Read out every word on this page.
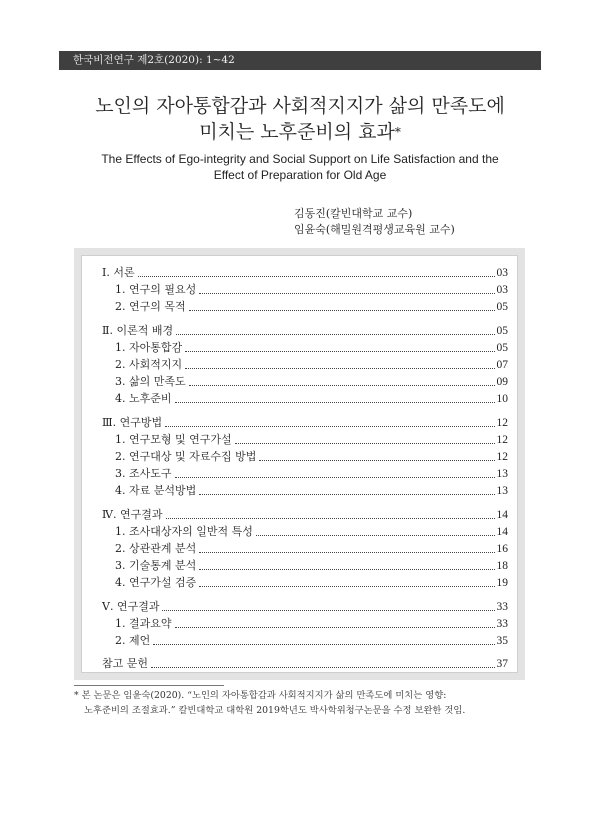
한국비전연구 제2호(2020): 1~42
노인의 자아통합감과 사회적지지가 삶의 만족도에
미치는 노후준비의 효과*
The Effects of Ego-integrity and Social Support on Life Satisfaction and the
Effect of Preparation for Old Age
김동진(칼빈대학교 교수)
임윤숙(해밀원격평생교육원 교수)
Ⅰ. 서론	03
1. 연구의 필요성	03
2. 연구의 목적	05
Ⅱ. 이론적 배경	05
1. 자아통합감	05
2. 사회적지지	07
3. 삶의 만족도	09
4. 노후준비	10
Ⅲ. 연구방법	12
1. 연구모형 및 연구가설	12
2. 연구대상 및 자료수집 방법	12
3. 조사도구	13
4. 자료 분석방법	13
Ⅳ. 연구결과	14
1. 조사대상자의 일반적 특성	14
2. 상관관계 분석	16
3. 기술통계 분석	18
4. 연구가설 검증	19
Ⅴ. 연구결과	33
1. 결과요약	33
2. 제언	35
참고 문헌	37
* 본 논문은 임윤숙(2020). “노인의 자아통합감과 사회적지지가 삶의 만족도에 미치는 영향:
노후준비의 조절효과.” 칼빈대학교 대학원 2019학년도 박사학위청구논문을 수정 보완한 것임.
